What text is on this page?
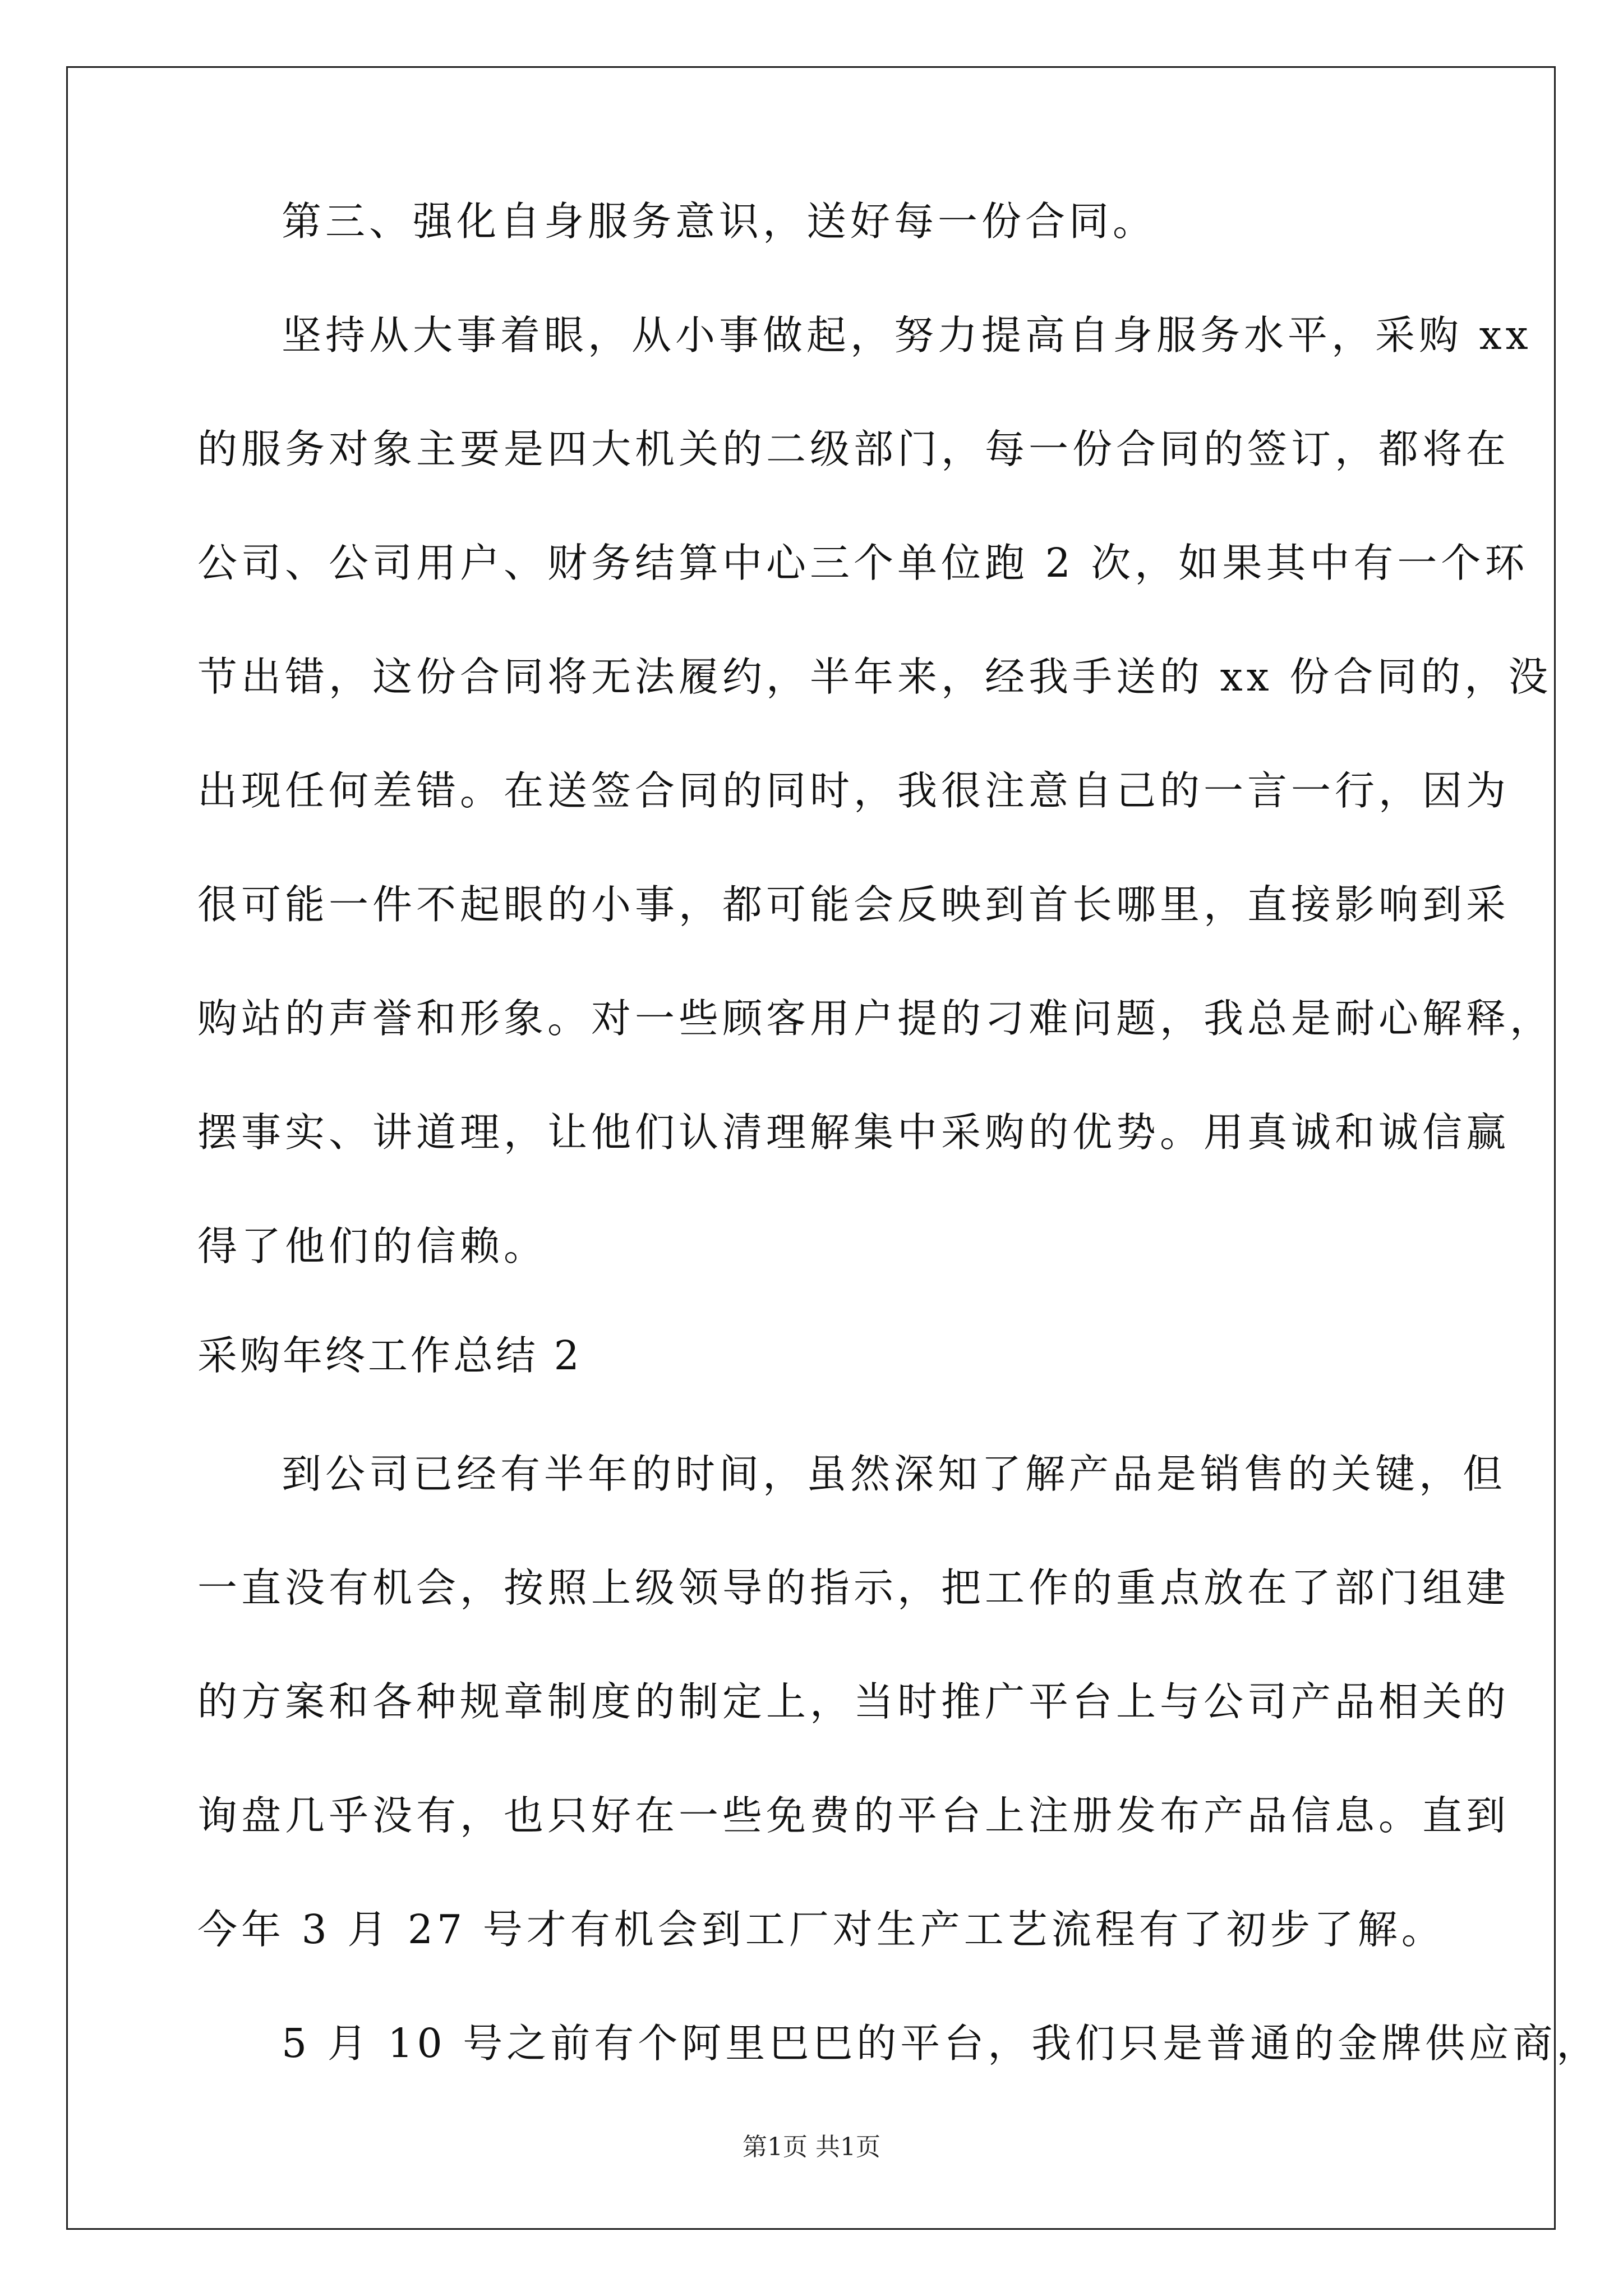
第三、强化自身服务意识，送好每一份合同。
坚持从大事着眼，从小事做起，努力提高自身服务水平，采购 xx
的服务对象主要是四大机关的二级部门，每一份合同的签订，都将在
公司、公司用户、财务结算中心三个单位跑 2 次，如果其中有一个环
节出错，这份合同将无法履约，半年来，经我手送的 xx 份合同的，没
出现任何差错。在送签合同的同时，我很注意自己的一言一行，因为
很可能一件不起眼的小事，都可能会反映到首长哪里，直接影响到采
购站的声誉和形象。对一些顾客用户提的刁难问题，我总是耐心解释，
摆事实、讲道理，让他们认清理解集中采购的优势。用真诚和诚信赢
得了他们的信赖。
采购年终工作总结 2
到公司已经有半年的时间，虽然深知了解产品是销售的关键，但
一直没有机会，按照上级领导的指示，把工作的重点放在了部门组建
的方案和各种规章制度的制定上，当时推广平台上与公司产品相关的
询盘几乎没有，也只好在一些免费的平台上注册发布产品信息。直到
今年 3 月 27 号才有机会到工厂对生产工艺流程有了初步了解。
5 月 10 号之前有个阿里巴巴的平台，我们只是普通的金牌供应商，
第1页 共1页
